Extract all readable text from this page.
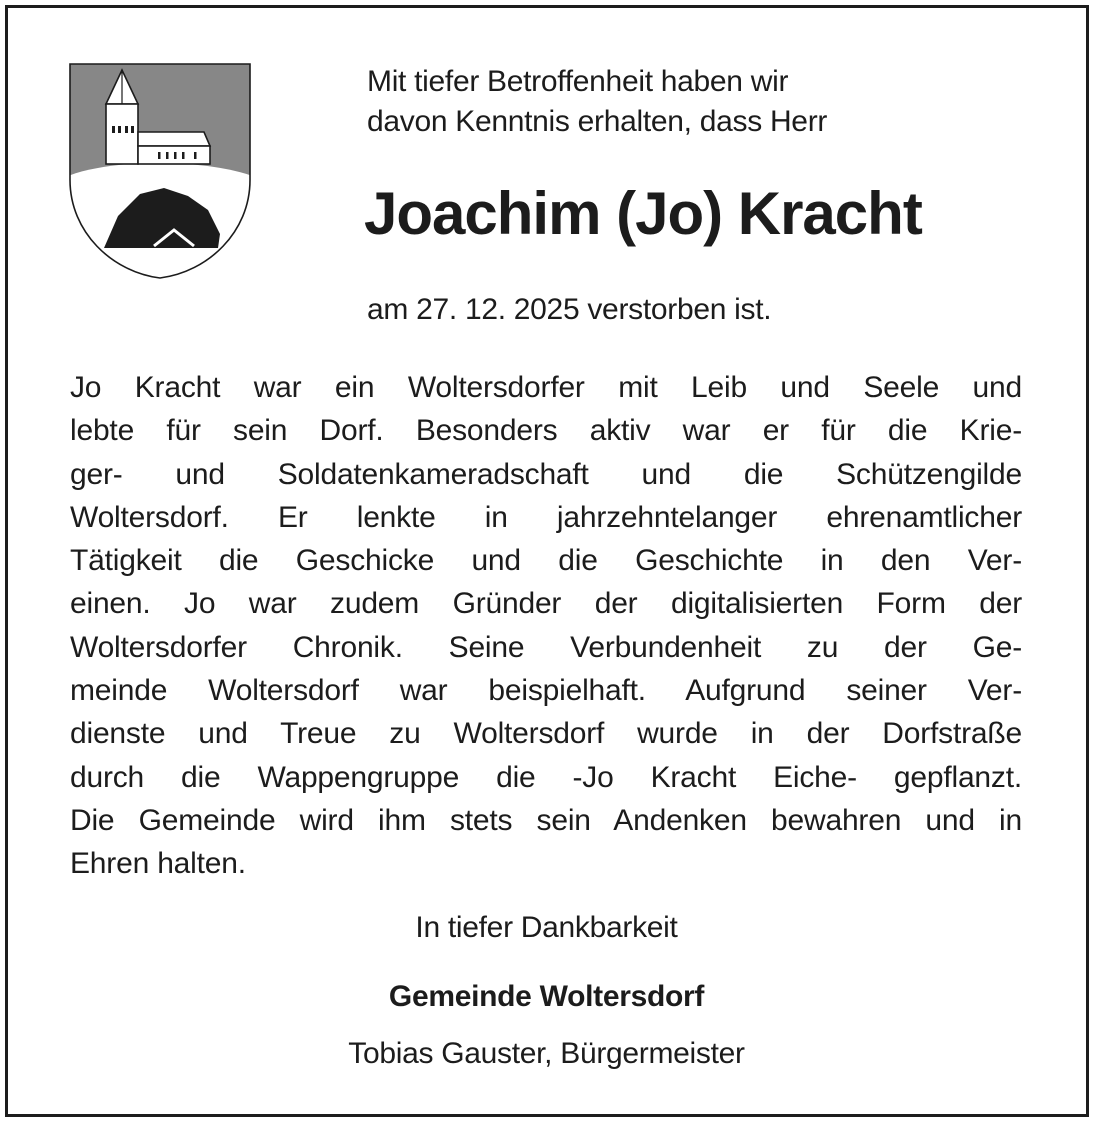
Mit tiefer Betroffenheit haben wir
davon Kenntnis erhalten, dass Herr

Joachim (Jo) Kracht

am 27. 12. 2025 verstorben ist.

Jo Kracht war ein Woltersdorfer mit Leib und Seele und
lebte für sein Dorf. Besonders aktiv war er für die Krie-
ger- und Soldatenkameradschaft und die Schützengilde
Woltersdorf. Er lenkte in jahrzehntelanger ehrenamtlicher
Tätigkeit die Geschicke und die Geschichte in den Ver-
einen. Jo war zudem Gründer der digitalisierten Form der
Woltersdorfer Chronik. Seine Verbundenheit zu der Ge-
meinde Woltersdorf war beispielhaft. Aufgrund seiner Ver-
dienste und Treue zu Woltersdorf wurde in der Dorfstraße
durch die Wappengruppe die -Jo Kracht Eiche- gepflanzt.
Die Gemeinde wird ihm stets sein Andenken bewahren und in
Ehren halten.

In tiefer Dankbarkeit

Gemeinde Woltersdorf

Tobias Gauster, Bürgermeister
